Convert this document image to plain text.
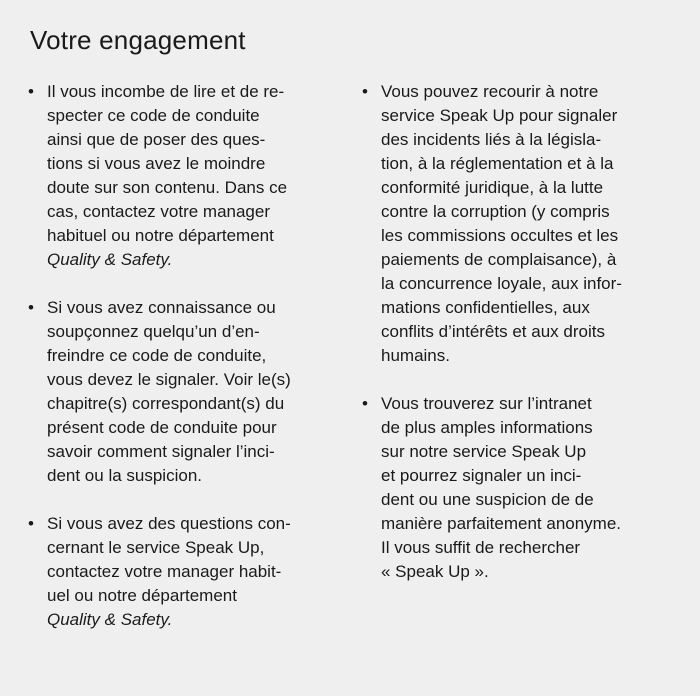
Votre engagement
• Il vous incombe de lire et de re-
specter ce code de conduite
ainsi que de poser des ques-
tions si vous avez le moindre
doute sur son contenu. Dans ce
cas, contactez votre manager
habituel ou notre département
Quality & Safety.
• Si vous avez connaissance ou
soupçonnez quelqu’un d’en-
freindre ce code de conduite,
vous devez le signaler. Voir le(s)
chapitre(s) correspondant(s) du
présent code de conduite pour
savoir comment signaler l’inci-
dent ou la suspicion.
• Si vous avez des questions con-
cernant le service Speak Up,
contactez votre manager habit-
uel ou notre département
Quality & Safety.
• Vous pouvez recourir à notre
service Speak Up pour signaler
des incidents liés à la législa-
tion, à la réglementation et à la
conformité juridique, à la lutte
contre la corruption (y compris
les commissions occultes et les
paiements de complaisance), à
la concurrence loyale, aux infor-
mations confidentielles, aux
conflits d’intérêts et aux droits
humains.
• Vous trouverez sur l’intranet
de plus amples informations
sur notre service Speak Up
et pourrez signaler un inci-
dent ou une suspicion de de
manière parfaitement anonyme.
Il vous suffit de rechercher
« Speak Up ».
